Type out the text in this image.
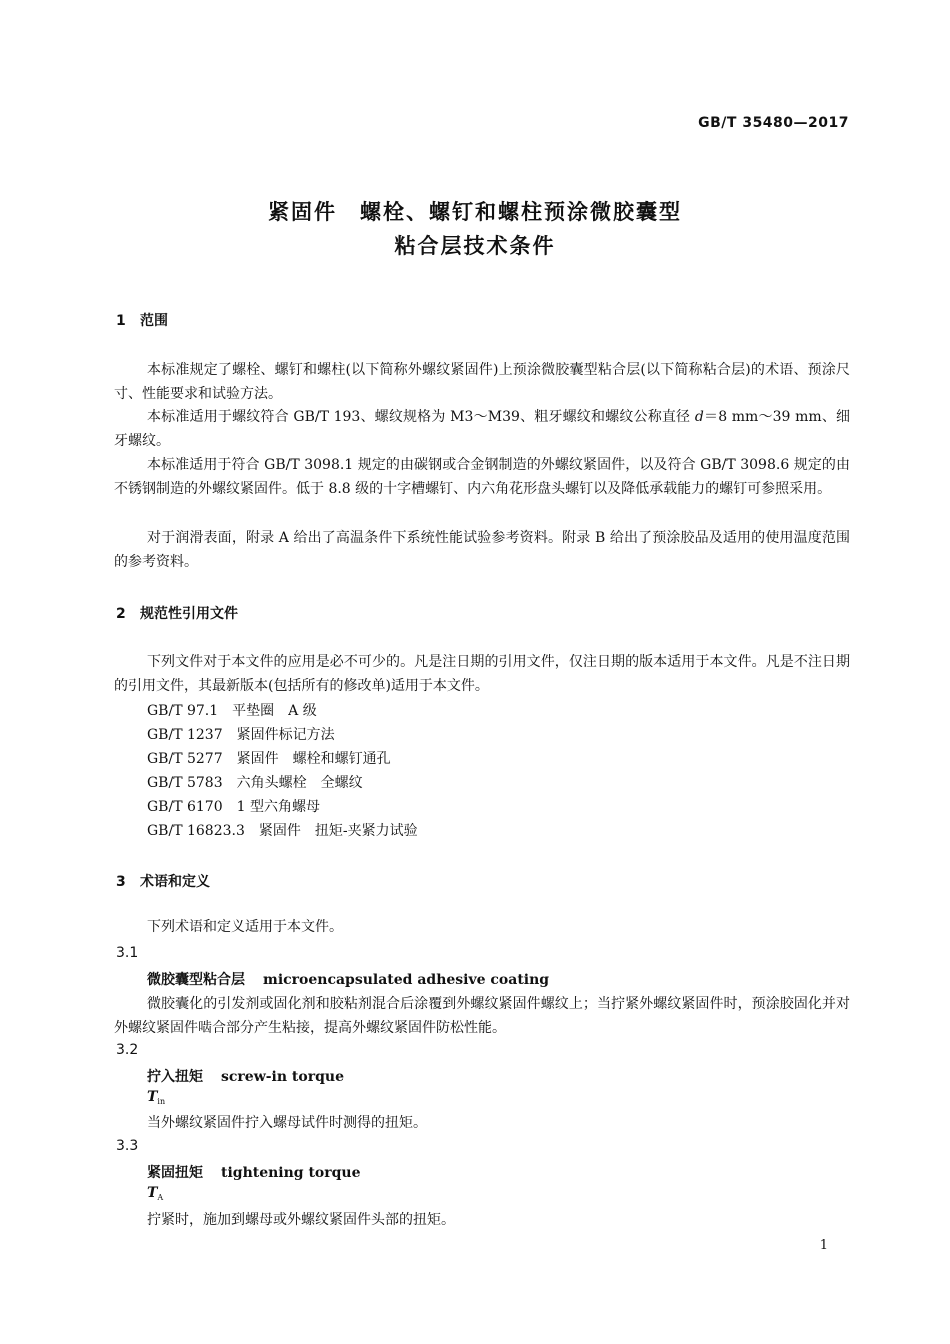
GB/T 35480—2017
紧固件　螺栓、螺钉和螺柱预涂微胶囊型
粘合层技术条件
1 范围

本标准规定了螺栓、螺钉和螺柱(以下简称外螺纹紧固件)上预涂微胶囊型粘合层(以下简称粘合层)的术语、预涂尺寸、性能要求和试验方法。

本标准适用于螺纹符合 GB/T 193、螺纹规格为 M3～M39、粗牙螺纹和螺纹公称直径 d＝8 mm～39 mm、细牙螺纹。

本标准适用于符合 GB/T 3098.1 规定的由碳钢或合金钢制造的外螺纹紧固件，以及符合 GB/T 3098.6 规定的由不锈钢制造的外螺纹紧固件。低于 8.8 级的十字槽螺钉、内六角花形盘头螺钉以及降低承载能力的螺钉可参照采用。

对于润滑表面，附录 A 给出了高温条件下系统性能试验参考资料。附录 B 给出了预涂胶品及适用的使用温度范围的参考资料。

2 规范性引用文件

下列文件对于本文件的应用是必不可少的。凡是注日期的引用文件，仅注日期的版本适用于本文件。凡是不注日期的引用文件，其最新版本(包括所有的修改单)适用于本文件。

GB/T 97.1 平垫圈　A 级
GB/T 1237 紧固件标记方法
GB/T 5277 紧固件　螺栓和螺钉通孔
GB/T 5783 六角头螺栓　全螺纹
GB/T 6170 1 型六角螺母
GB/T 16823.3 紧固件　扭矩-夹紧力试验
3 术语和定义

下列术语和定义适用于本文件。

3.1
微胶囊型粘合层 microencapsulated adhesive coating

微胶囊化的引发剂或固化剂和胶粘剂混合后涂覆到外螺纹紧固件螺纹上；当拧紧外螺纹紧固件时，预涂胶固化并对外螺纹紧固件啮合部分产生粘接，提高外螺纹紧固件防松性能。

3.2
拧入扭矩 screw-in torque
$T_{in}$

当外螺纹紧固件拧入螺母试件时测得的扭矩。

3.3
紧固扭矩 tightening torque
$T_A$

拧紧时，施加到螺母或外螺纹紧固件头部的扭矩。

1
